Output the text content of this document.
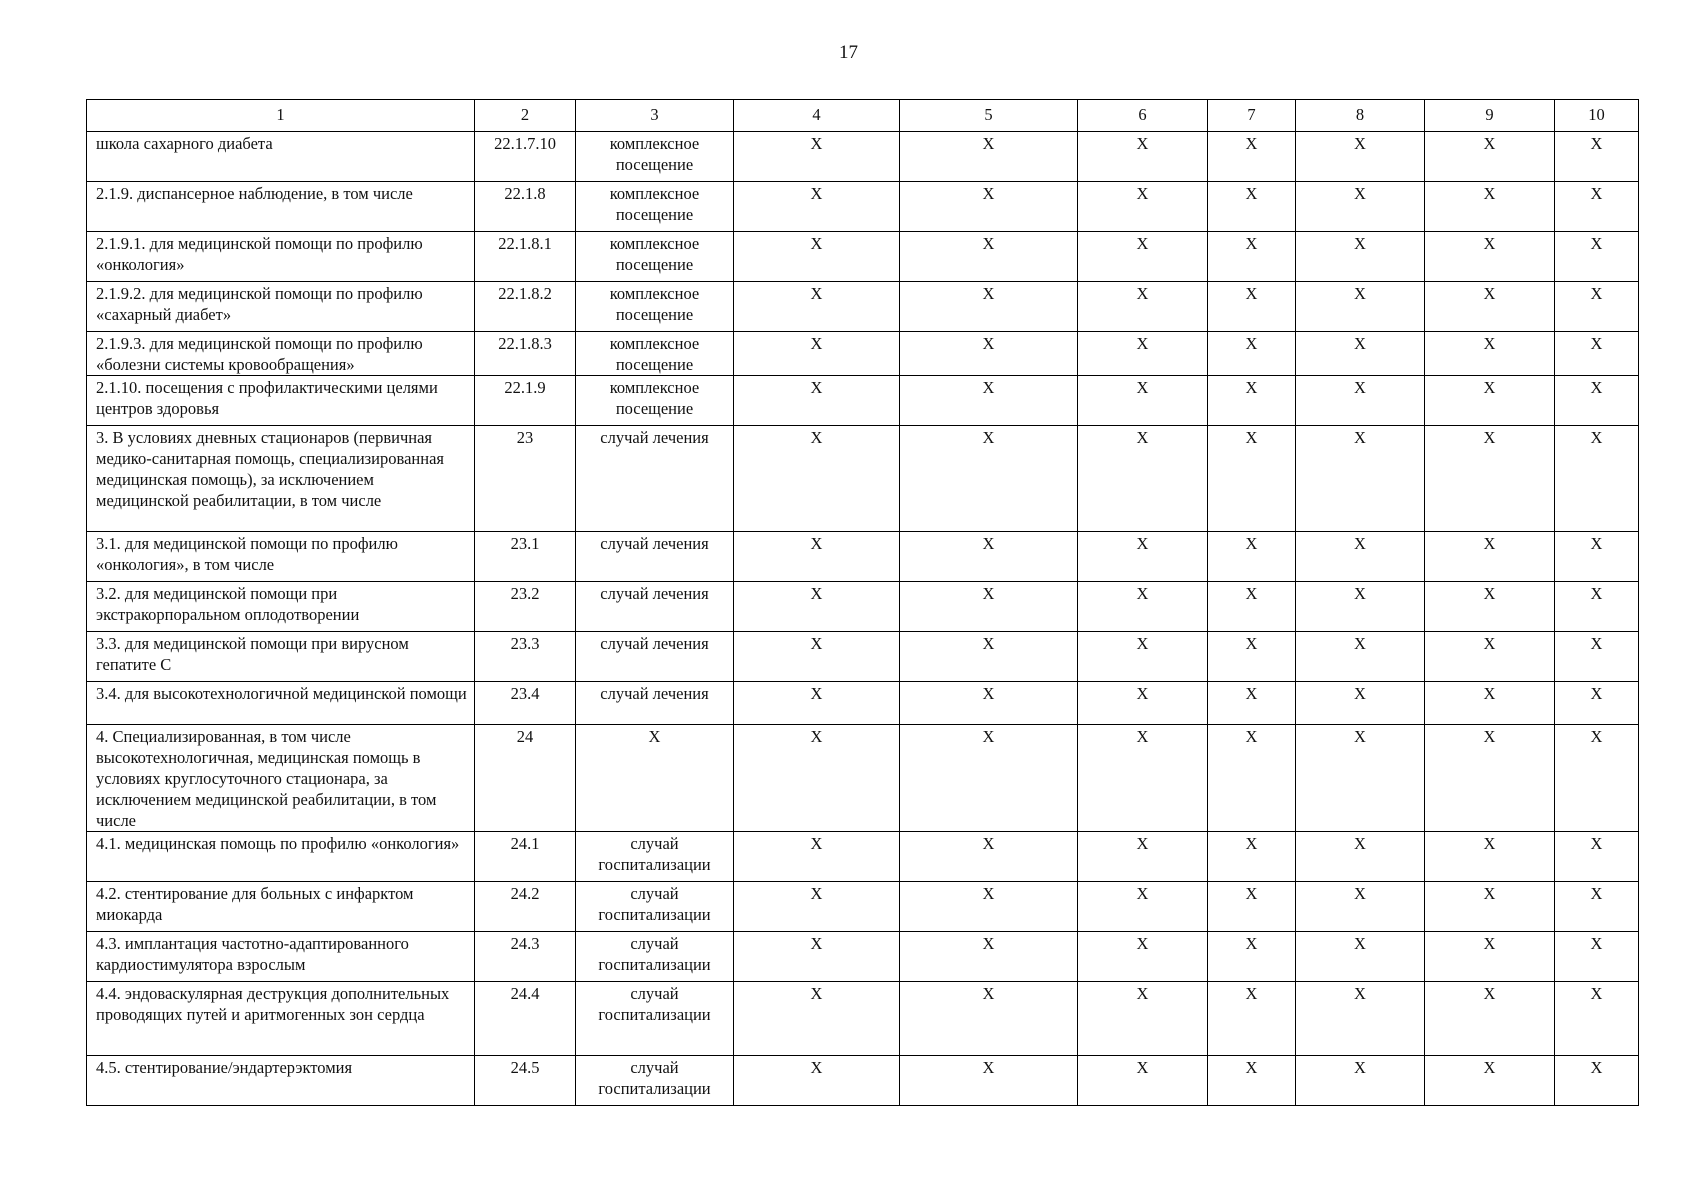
17
1	2	3	4	5	6	7	8	9	10
школа сахарного диабета	22.1.7.10	комплексное посещение	X	X	X	X	X	X	X
2.1.9. диспансерное наблюдение, в том числе	22.1.8	комплексное посещение	X	X	X	X	X	X	X
2.1.9.1. для медицинской помощи по профилю «онкология»	22.1.8.1	комплексное посещение	X	X	X	X	X	X	X
2.1.9.2. для медицинской помощи по профилю «сахарный диабет»	22.1.8.2	комплексное посещение	X	X	X	X	X	X	X
2.1.9.3. для медицинской помощи по профилю «болезни системы кровообращения»	22.1.8.3	комплексное посещение	X	X	X	X	X	X	X
2.1.10. посещения с профилактическими целями центров здоровья	22.1.9	комплексное посещение	X	X	X	X	X	X	X
3. В условиях дневных стационаров (первичная медико-санитарная помощь, специализированная медицинская помощь), за исключением медицинской реабилитации, в том числе	23	случай лечения	X	X	X	X	X	X	X
3.1. для медицинской помощи по профилю «онкология», в том числе	23.1	случай лечения	X	X	X	X	X	X	X
3.2. для медицинской помощи при экстракорпоральном оплодотворении	23.2	случай лечения	X	X	X	X	X	X	X
3.3. для медицинской помощи при вирусном гепатите C	23.3	случай лечения	X	X	X	X	X	X	X
3.4. для высокотехнологичной медицинской помощи	23.4	случай лечения	X	X	X	X	X	X	X
4. Специализированная, в том числе высокотехнологичная, медицинская помощь в условиях круглосуточного стационара, за исключением медицинской реабилитации, в том числе	24	X	X	X	X	X	X	X	X
4.1. медицинская помощь по профилю «онкология»	24.1	случай госпитализации	X	X	X	X	X	X	X
4.2. стентирование для больных с инфарктом миокарда	24.2	случай госпитализации	X	X	X	X	X	X	X
4.3. имплантация частотно-адаптированного кардиостимулятора взрослым	24.3	случай госпитализации	X	X	X	X	X	X	X
4.4. эндоваскулярная деструкция дополнительных проводящих путей и аритмогенных зон сердца	24.4	случай госпитализации	X	X	X	X	X	X	X
4.5. стентирование/эндартерэктомия	24.5	случай госпитализации	X	X	X	X	X	X	X
